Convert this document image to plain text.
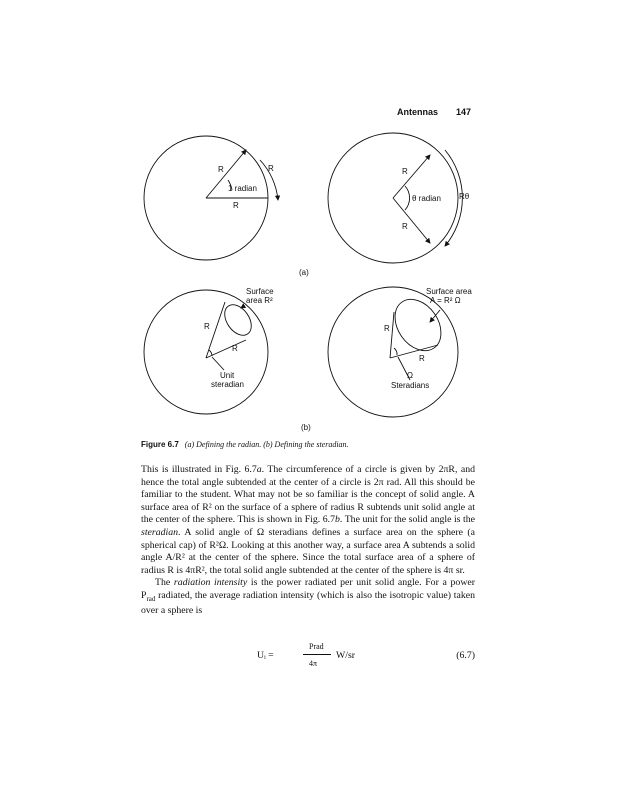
Antennas 147
R	R
1 radian
R
R
θ radian Rθ
R
(a)
Surface
area R²
R
R
Unit
steradian
Surface area
A = R² Ω
R
R
Ω
Steradians
(b)
Figure 6.7 (a) Defining the radian. (b) Defining the steradian.

This is illustrated in Fig. 6.7a. The circumference of a circle is given by 2πR, and hence the total angle subtended at the center of a circle is 2π rad. All this should be familiar to the student. What may not be so familiar is the concept of solid angle. A surface area of R² on the surface of a sphere of radius R subtends unit solid angle at the center of the sphere. This is shown in Fig. 6.7b. The unit for the solid angle is the steradian. A solid angle of Ω steradians defines a surface area on the sphere (a spherical cap) of R²Ω. Looking at this another way, a surface area A subtends a solid angle A/R² at the center of the sphere. Since the total surface area of a sphere of radius R is 4πR², the total solid angle subtended at the center of the sphere is 4π sr.

The radiation intensity is the power radiated per unit solid angle. For a power $P_{rad}$ radiated, the average radiation intensity (which is also the isotropic value) taken over a sphere is

Uᵢ =
Prad
4π
W/sr	(6.7)
